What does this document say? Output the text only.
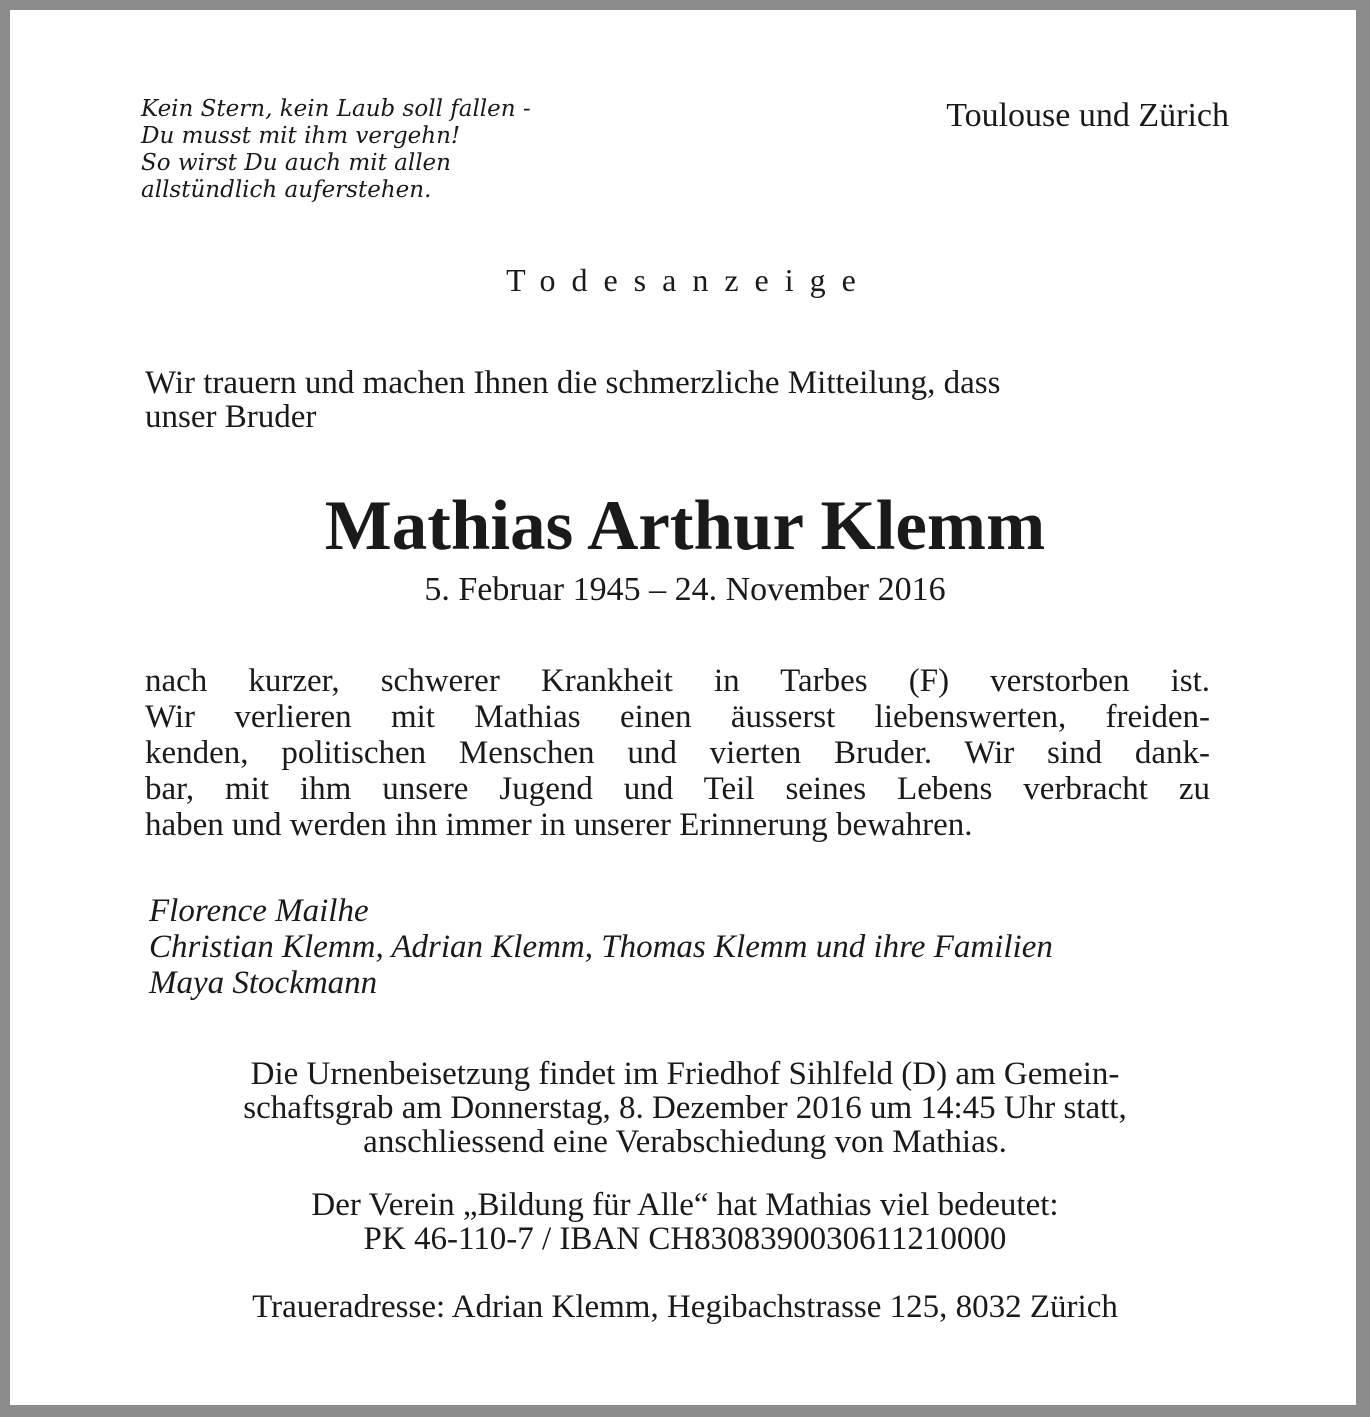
Kein Stern, kein Laub soll fallen -
Du musst mit ihm vergehn!
So wirst Du auch mit allen
allstündlich auferstehen.
Toulouse und Zürich
Todesanzeige
Wir trauern und machen Ihnen die schmerzliche Mitteilung, dass
unser Bruder
Mathias Arthur Klemm
5. Februar 1945 – 24. November 2016
nach kurzer, schwerer Krankheit in Tarbes (F) verstorben ist.
Wir verlieren mit Mathias einen äusserst liebenswerten, freiden-
kenden, politischen Menschen und vierten Bruder. Wir sind dank-
bar, mit ihm unsere Jugend und Teil seines Lebens verbracht zu
haben und werden ihn immer in unserer Erinnerung bewahren.
Florence Mailhe
Christian Klemm, Adrian Klemm, Thomas Klemm und ihre Familien
Maya Stockmann
Die Urnenbeisetzung findet im Friedhof Sihlfeld (D) am Gemein-
schaftsgrab am Donnerstag, 8. Dezember 2016 um 14:45 Uhr statt,
anschliessend eine Verabschiedung von Mathias.
Der Verein „Bildung für Alle“ hat Mathias viel bedeutet:
PK 46-110-7 / IBAN CH8308390030611210000
Traueradresse: Adrian Klemm, Hegibachstrasse 125, 8032 Zürich
